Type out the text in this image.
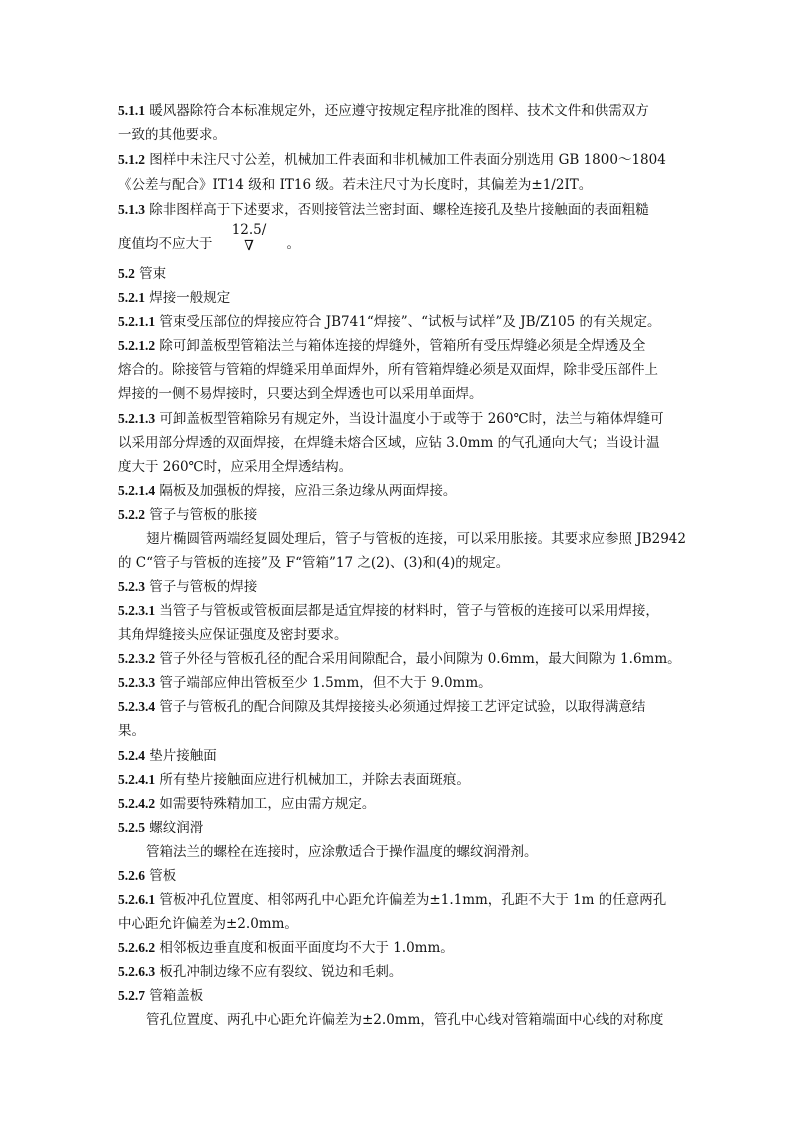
5.1.1 暖风器除符合本标准规定外，还应遵守按规定程序批准的图样、技术文件和供需双方
一致的其他要求。
5.1.2 图样中未注尺寸公差，机械加工件表面和非机械加工件表面分别选用 GB 1800～1804
《公差与配合》IT14 级和 IT16 级。若未注尺寸为长度时，其偏差为±1/2IT。
5.1.3 除非图样高于下述要求，否则接管法兰密封面、螺栓连接孔及垫片接触面的表面粗糙
12.5/
∇
度值均不应大于	。
5.2 管束
5.2.1 焊接一般规定
5.2.1.1 管束受压部位的焊接应符合 JB741“焊接”、“试板与试样”及 JB/Z105 的有关规定。
5.2.1.2 除可卸盖板型管箱法兰与箱体连接的焊缝外，管箱所有受压焊缝必须是全焊透及全
熔合的。除接管与管箱的焊缝采用单面焊外，所有管箱焊缝必须是双面焊，除非受压部件上
焊接的一侧不易焊接时，只要达到全焊透也可以采用单面焊。
5.2.1.3 可卸盖板型管箱除另有规定外，当设计温度小于或等于 260℃时，法兰与箱体焊缝可
以采用部分焊透的双面焊接，在焊缝未熔合区域，应钻 3.0mm 的气孔通向大气；当设计温
度大于 260℃时，应采用全焊透结构。
5.2.1.4 隔板及加强板的焊接，应沿三条边缘从两面焊接。
5.2.2 管子与管板的胀接
翅片椭圆管两端经复圆处理后，管子与管板的连接，可以采用胀接。其要求应参照 JB2942
的 C“管子与管板的连接”及 F“管箱”17 之(2)、(3)和(4)的规定。
5.2.3 管子与管板的焊接
5.2.3.1 当管子与管板或管板面层都是适宜焊接的材料时，管子与管板的连接可以采用焊接，
其角焊缝接头应保证强度及密封要求。
5.2.3.2 管子外径与管板孔径的配合采用间隙配合，最小间隙为 0.6mm，最大间隙为 1.6mm。
5.2.3.3 管子端部应伸出管板至少 1.5mm，但不大于 9.0mm。
5.2.3.4 管子与管板孔的配合间隙及其焊接接头必须通过焊接工艺评定试验，以取得满意结
果。
5.2.4 垫片接触面
5.2.4.1 所有垫片接触面应进行机械加工，并除去表面斑痕。
5.2.4.2 如需要特殊精加工，应由需方规定。
5.2.5 螺纹润滑
管箱法兰的螺栓在连接时，应涂敷适合于操作温度的螺纹润滑剂。
5.2.6 管板
5.2.6.1 管板冲孔位置度、相邻两孔中心距允许偏差为±1.1mm，孔距不大于 1m 的任意两孔
中心距允许偏差为±2.0mm。
5.2.6.2 相邻板边垂直度和板面平面度均不大于 1.0mm。
5.2.6.3 板孔冲制边缘不应有裂纹、锐边和毛刺。
5.2.7 管箱盖板
管孔位置度、两孔中心距允许偏差为±2.0mm，管孔中心线对管箱端面中心线的对称度
